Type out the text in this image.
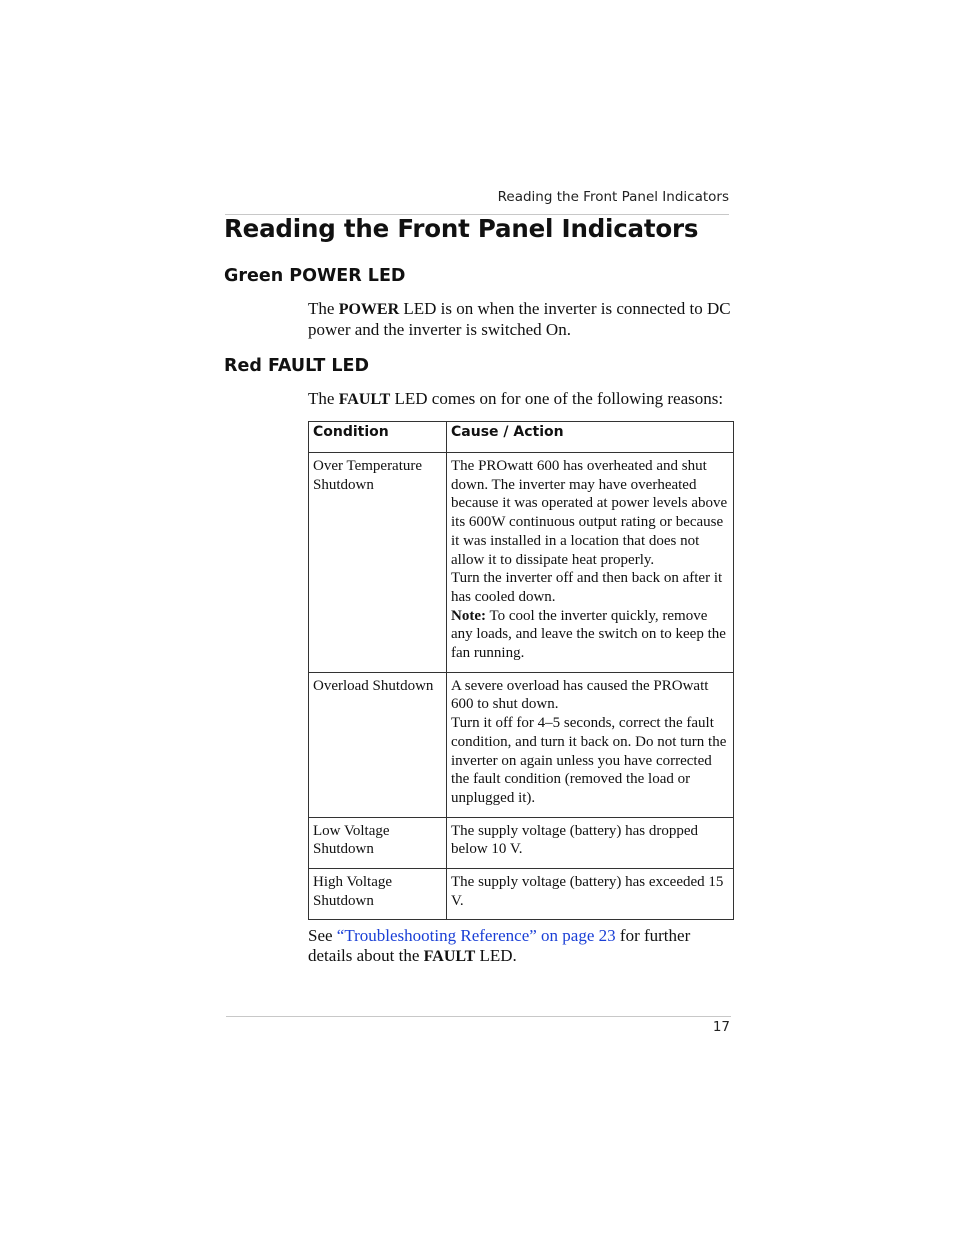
Reading the Front Panel Indicators
Reading the Front Panel Indicators
Green POWER LED
The POWER LED is on when the inverter is connected to DC power and the inverter is switched On.
Red FAULT LED
The FAULT LED comes on for one of the following reasons:
Condition	Cause / Action
Over Temperature Shutdown	The PROwatt 600 has overheated and shut down. The inverter may have overheated because it was operated at power levels above its 600W continuous output rating or because it was installed in a location that does not allow it to dissipate heat properly.
Turn the inverter off and then back on after it has cooled down.
Note: To cool the inverter quickly, remove any loads, and leave the switch on to keep the fan running.

Overload Shutdown	A severe overload has caused the PROwatt 600 to shut down.
Turn it off for 4–5 seconds, correct the fault condition, and turn it back on. Do not turn the inverter on again unless you have corrected the fault condition (removed the load or unplugged it).

Low Voltage Shutdown	The supply voltage (battery) has dropped below 10 V.

High Voltage Shutdown	The supply voltage (battery) has exceeded 15 V.
See “Troubleshooting Reference” on page 23 for further details about the FAULT LED.
17
